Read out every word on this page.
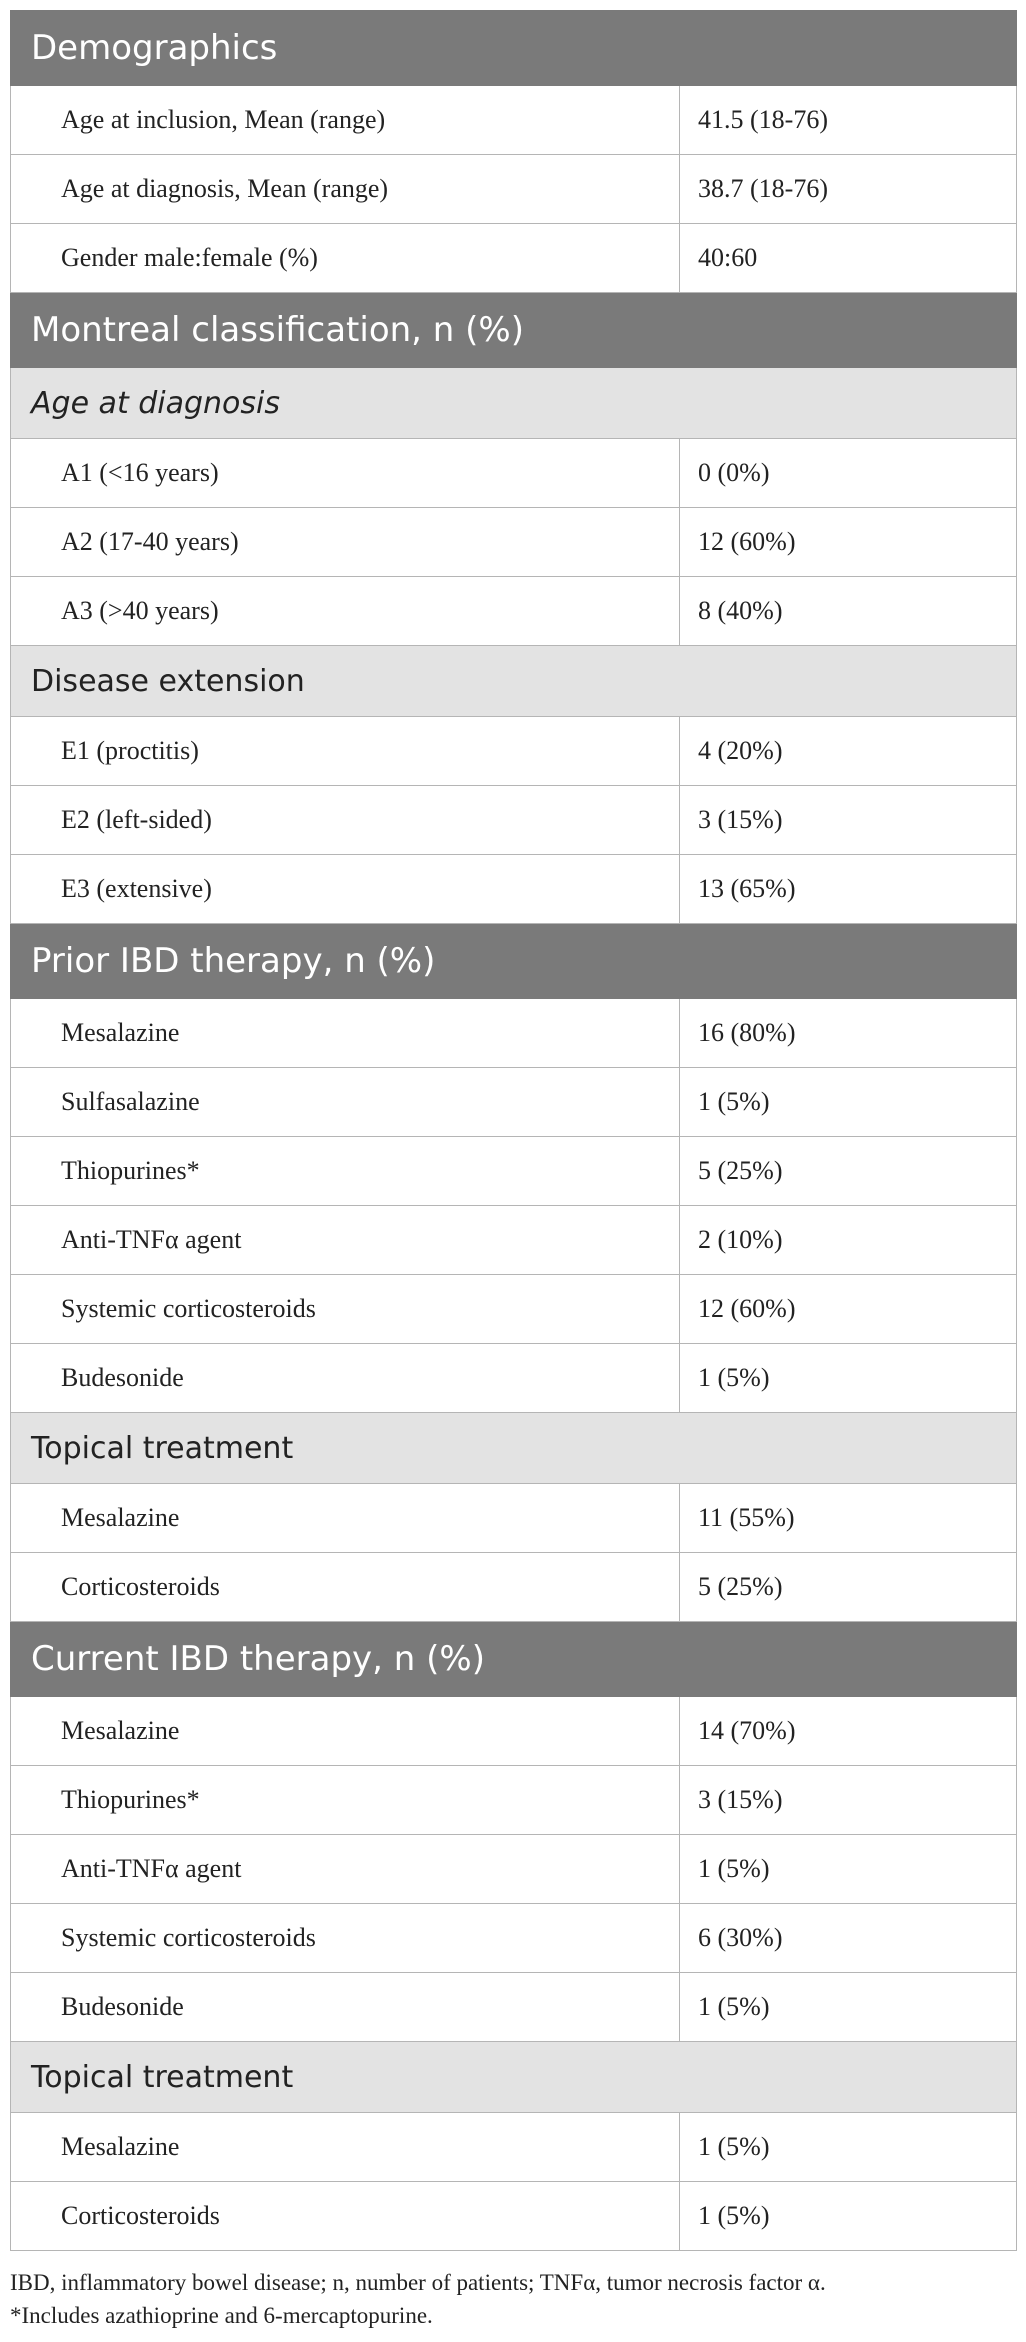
Demographics	
Age at inclusion, Mean (range)	41.5 (18-76)
Age at diagnosis, Mean (range)	38.7 (18-76)
Gender male:female (%)	40:60
Montreal classification, n (%)	
Age at diagnosis	
A1 (<16 years)	0 (0%)
A2 (17-40 years)	12 (60%)
A3 (>40 years)	8 (40%)
Disease extension	
E1 (proctitis)	4 (20%)
E2 (left-sided)	3 (15%)
E3 (extensive)	13 (65%)
Prior IBD therapy, n (%)	
Mesalazine	16 (80%)
Sulfasalazine	1 (5%)
Thiopurines*	5 (25%)
Anti-TNFα agent	2 (10%)
Systemic corticosteroids	12 (60%)
Budesonide	1 (5%)
Topical treatment	
Mesalazine	11 (55%)
Corticosteroids	5 (25%)
Current IBD therapy, n (%)	
Mesalazine	14 (70%)
Thiopurines*	3 (15%)
Anti-TNFα agent	1 (5%)
Systemic corticosteroids	6 (30%)
Budesonide	1 (5%)
Topical treatment	
Mesalazine	1 (5%)
Corticosteroids	1 (5%)
IBD, inflammatory bowel disease; n, number of patients; TNFα, tumor necrosis factor α.
*Includes azathioprine and 6-mercaptopurine.
